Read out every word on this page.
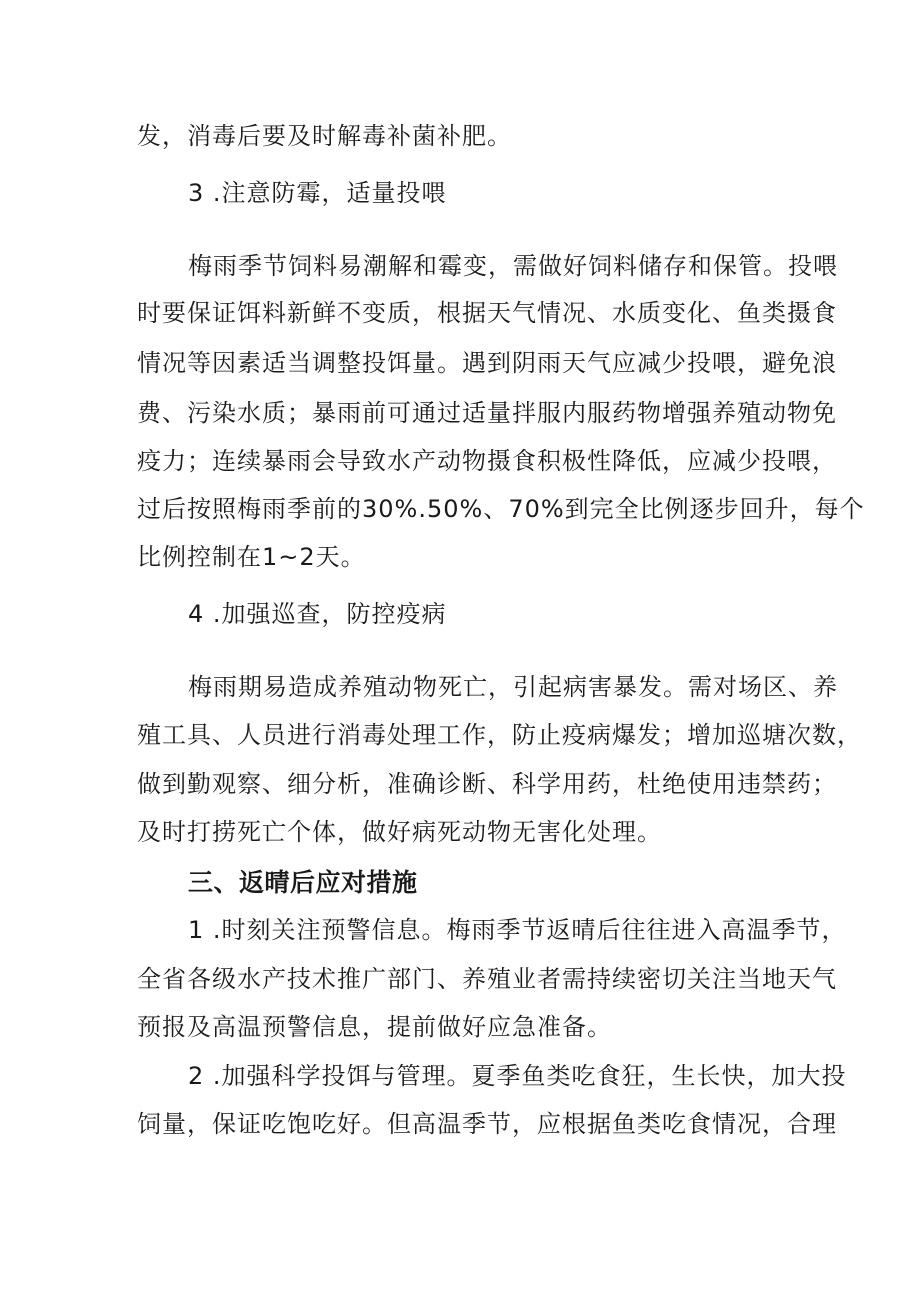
发，消毒后要及时解毒补菌补肥。
3 .注意防霉，适量投喂
梅雨季节饲料易潮解和霉变，需做好饲料储存和保管。投喂
时要保证饵料新鲜不变质，根据天气情况、水质变化、鱼类摄食
情况等因素适当调整投饵量。遇到阴雨天气应减少投喂，避免浪
费、污染水质；暴雨前可通过适量拌服内服药物增强养殖动物免
疫力；连续暴雨会导致水产动物摄食积极性降低，应减少投喂，
过后按照梅雨季前的30%.50%、70%到完全比例逐步回升，每个
比例控制在1~2天。
4 .加强巡查，防控疫病
梅雨期易造成养殖动物死亡，引起病害暴发。需对场区、养
殖工具、人员进行消毒处理工作，防止疫病爆发；增加巡塘次数，
做到勤观察、细分析，准确诊断、科学用药，杜绝使用违禁药；
及时打捞死亡个体，做好病死动物无害化处理。
三、返晴后应对措施
1 .时刻关注预警信息。梅雨季节返晴后往往进入高温季节，
全省各级水产技术推广部门、养殖业者需持续密切关注当地天气
预报及高温预警信息，提前做好应急准备。
2 .加强科学投饵与管理。夏季鱼类吃食狂，生长快，加大投
饲量，保证吃饱吃好。但高温季节，应根据鱼类吃食情况，合理
